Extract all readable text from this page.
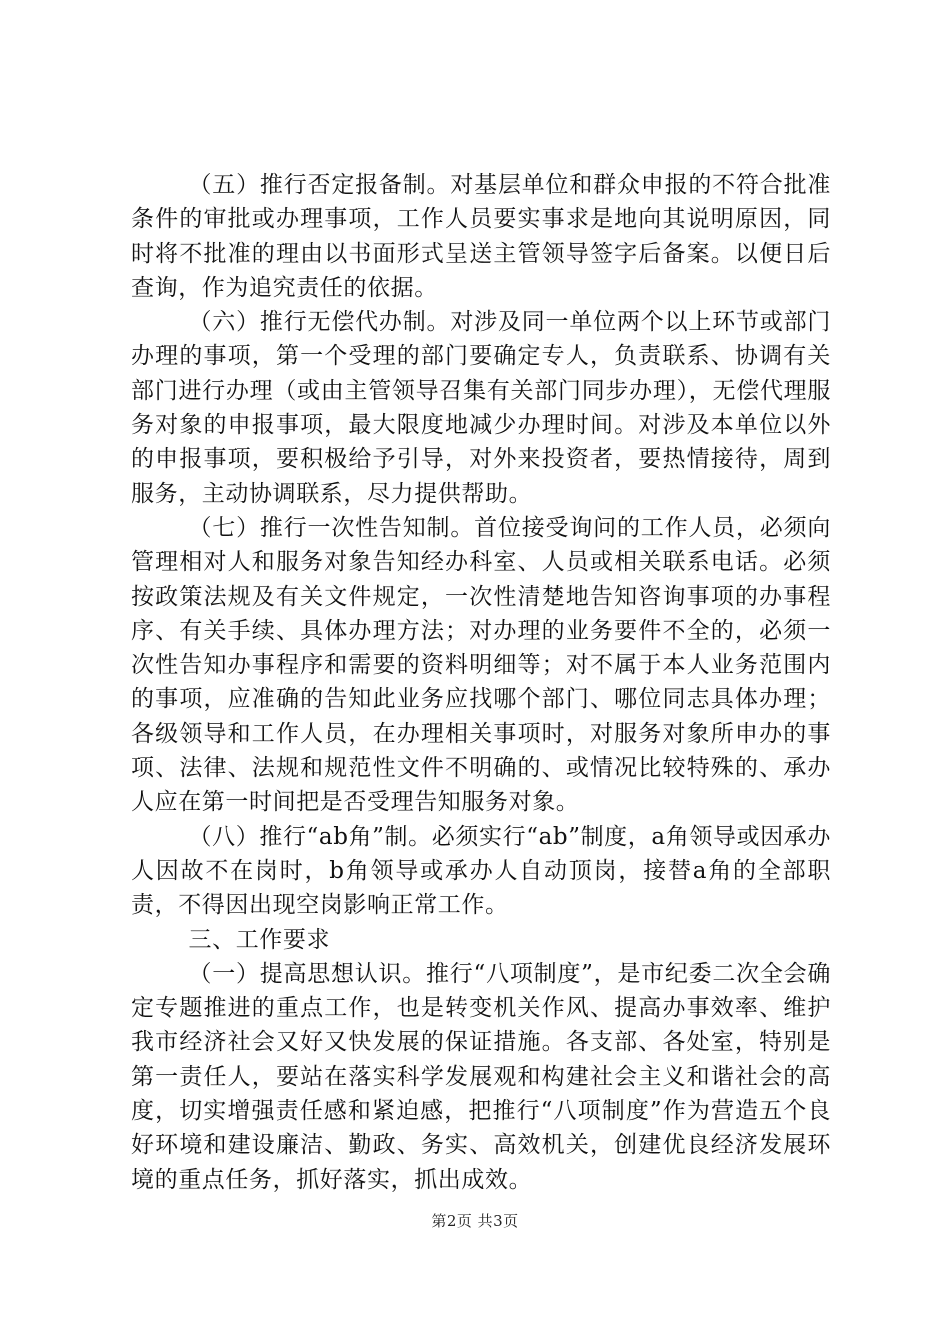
（五）推行否定报备制。对基层单位和群众申报的不符合批准条件的审批或办理事项，工作人员要实事求是地向其说明原因，同时将不批准的理由以书面形式呈送主管领导签字后备案。以便日后查询，作为追究责任的依据。

（六）推行无偿代办制。对涉及同一单位两个以上环节或部门办理的事项，第一个受理的部门要确定专人，负责联系、协调有关部门进行办理（或由主管领导召集有关部门同步办理），无偿代理服务对象的申报事项，最大限度地减少办理时间。对涉及本单位以外的申报事项，要积极给予引导，对外来投资者，要热情接待，周到服务，主动协调联系，尽力提供帮助。

（七）推行一次性告知制。首位接受询问的工作人员，必须向管理相对人和服务对象告知经办科室、人员或相关联系电话。必须按政策法规及有关文件规定，一次性清楚地告知咨询事项的办事程序、有关手续、具体办理方法；对办理的业务要件不全的，必须一次性告知办事程序和需要的资料明细等；对不属于本人业务范围内的事项，应准确的告知此业务应找哪个部门、哪位同志具体办理；各级领导和工作人员，在办理相关事项时，对服务对象所申办的事项、法律、法规和规范性文件不明确的、或情况比较特殊的、承办人应在第一时间把是否受理告知服务对象。

（八）推行“ab角”制。必须实行“ab”制度，a角领导或因承办人因故不在岗时，b角领导或承办人自动顶岗，接替a角的全部职责，不得因出现空岗影响正常工作。

三、工作要求

（一）提高思想认识。推行“八项制度”，是市纪委二次全会确定专题推进的重点工作，也是转变机关作风、提高办事效率、维护我市经济社会又好又快发展的保证措施。各支部、各处室，特别是第一责任人，要站在落实科学发展观和构建社会主义和谐社会的高度，切实增强责任感和紧迫感，把推行“八项制度”作为营造五个良好环境和建设廉洁、勤政、务实、高效机关，创建优良经济发展环境的重点任务，抓好落实，抓出成效。

第2页 共3页
